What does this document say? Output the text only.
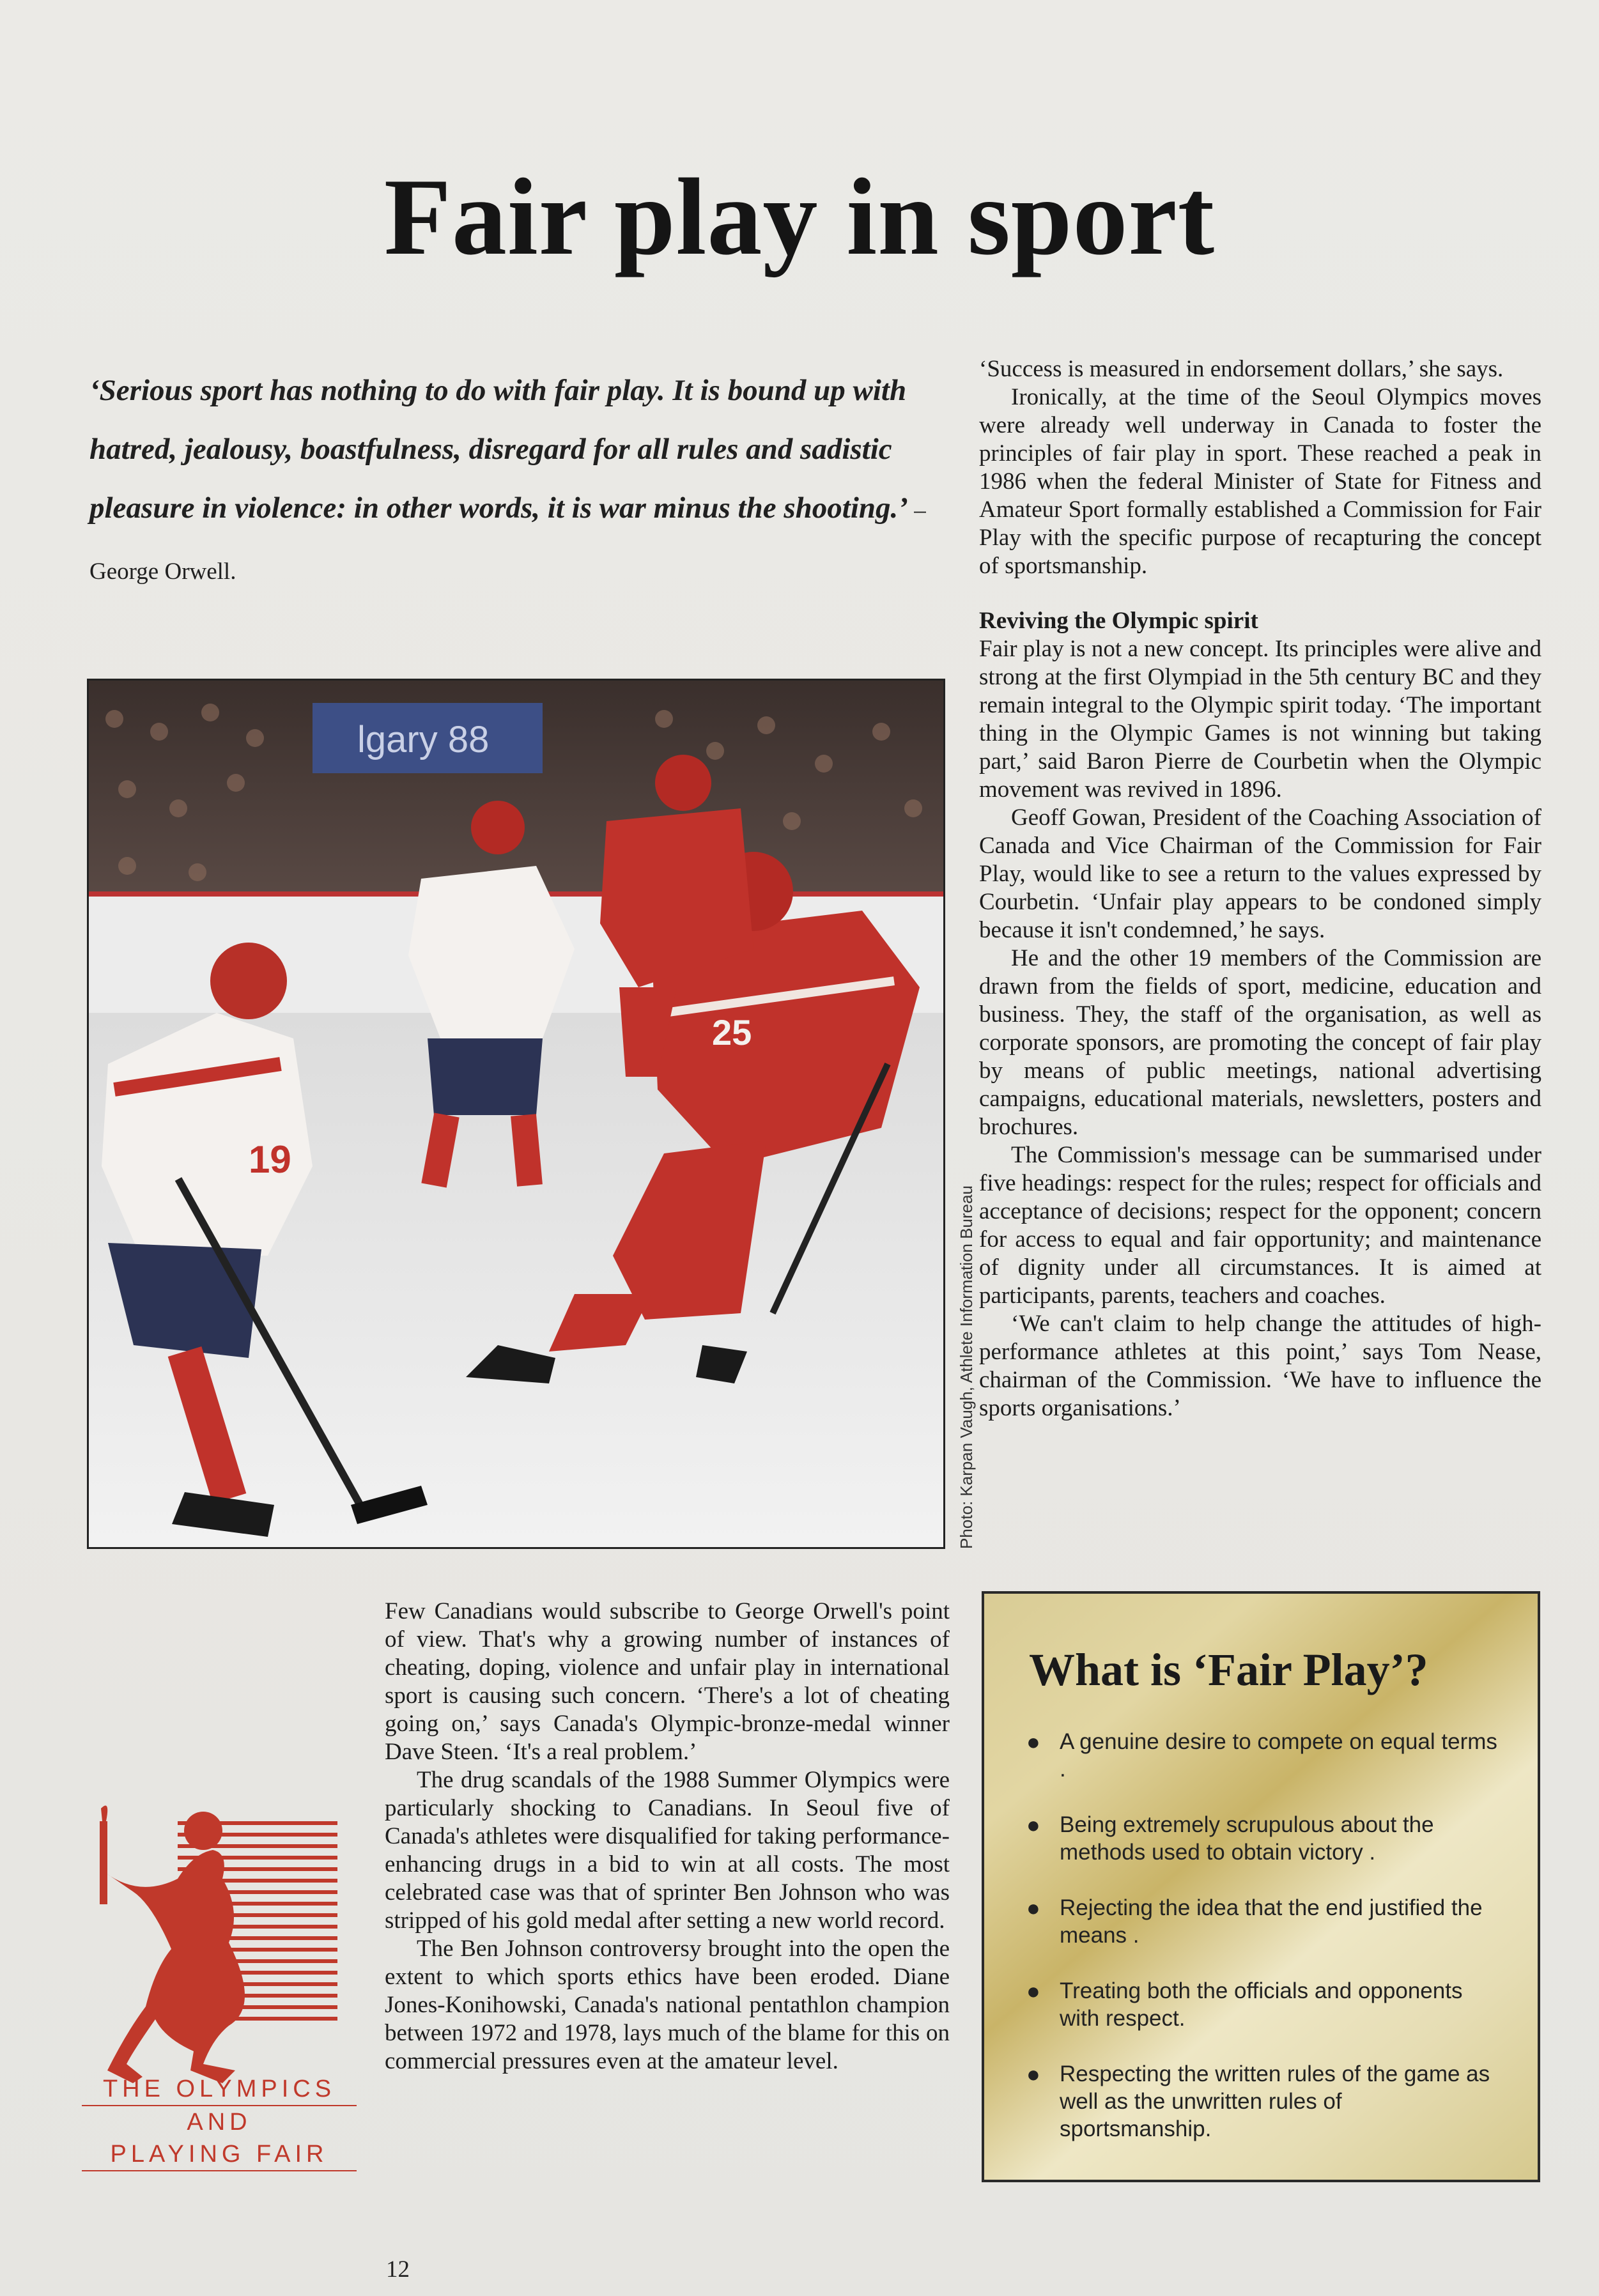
Fair play in sport
‘Serious sport has nothing to do with fair play. It is bound up with hatred, jealousy, boastfulness, disregard for all rules and sadistic pleasure in violence: in other words, it is war minus the shooting.’ – George Orwell.
lgary 88
19
25
Photo: Karpan Vaugh, Athlete Information Bureau

‘Success is measured in endorsement dollars,’ she says.

Ironically, at the time of the Seoul Olympics moves were already well underway in Canada to foster the principles of fair play in sport. These reached a peak in 1986 when the federal Minister of State for Fitness and Amateur Sport formally established a Commission for Fair Play with the specific purpose of recapturing the concept of sportsmanship.

Reviving the Olympic spirit

Fair play is not a new concept. Its principles were alive and strong at the first Olympiad in the 5th century BC and they remain integral to the Olympic spirit today. ‘The important thing in the Olympic Games is not winning but taking part,’ said Baron Pierre de Courbetin when the Olympic movement was revived in 1896.

Geoff Gowan, President of the Coaching Association of Canada and Vice Chairman of the Commission for Fair Play, would like to see a return to the values expressed by Courbetin. ‘Unfair play appears to be condoned simply because it isn't condemned,’ he says.

He and the other 19 members of the Commission are drawn from the fields of sport, medicine, education and business. They, the staff of the organisation, as well as corporate sponsors, are promoting the concept of fair play by means of public meetings, national advertising campaigns, educational materials, newsletters, posters and brochures.

The Commission's message can be summarised under five headings: respect for the rules; respect for officials and acceptance of decisions; respect for the opponent; concern for access to equal and fair opportunity; and maintenance of dignity under all circumstances. It is aimed at participants, parents, teachers and coaches.

‘We can't claim to help change the attitudes of high-performance athletes at this point,’ says Tom Nease, chairman of the Commission. ‘We have to influence the sports organisations.’

Few Canadians would subscribe to George Orwell's point of view. That's why a growing number of instances of cheating, doping, violence and unfair play in international sport is causing such concern. ‘There's a lot of cheating going on,’ says Canada's Olympic-bronze-medal winner Dave Steen. ‘It's a real problem.’

The drug scandals of the 1988 Summer Olympics were particularly shocking to Canadians. In Seoul five of Canada's athletes were disqualified for taking performance-enhancing drugs in a bid to win at all costs. The most celebrated case was that of sprinter Ben Johnson who was stripped of his gold medal after setting a new world record.

The Ben Johnson controversy brought into the open the extent to which sports ethics have been eroded. Diane Jones-Konihowski, Canada's national pentathlon champion between 1972 and 1978, lays much of the blame for this on commercial pressures even at the amateur level.

What is ‘Fair Play’?
● A genuine desire to compete on equal terms .
● Being extremely scrupulous about the methods used to obtain victory .
● Rejecting the idea that the end justified the means .
● Treating both the officials and opponents with respect.
● Respecting the written rules of the game as well as the unwritten rules of sportsmanship.
THE OLYMPICS
AND
PLAYING FAIR
12
